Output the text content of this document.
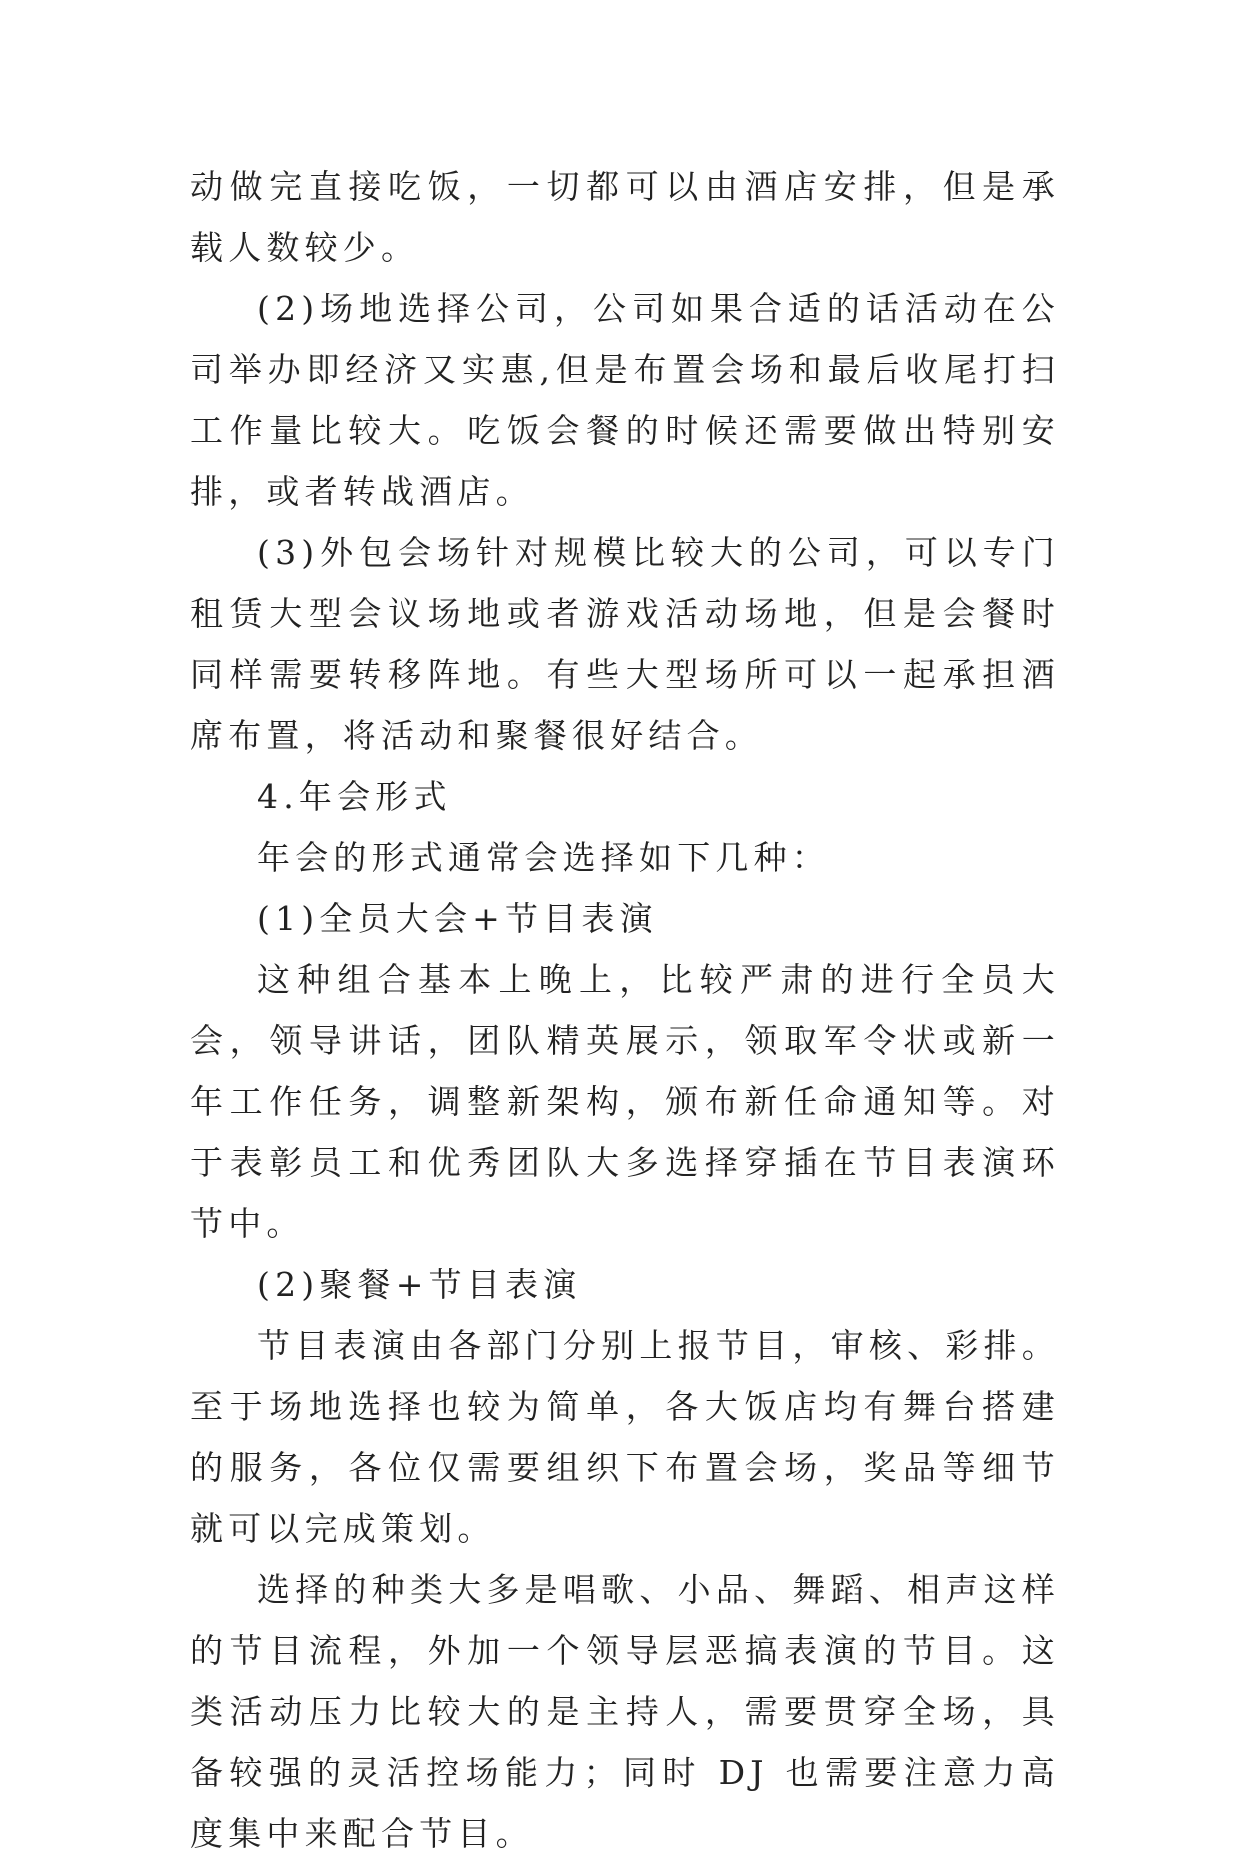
动做完直接吃饭，一切都可以由酒店安排，但是承载人数较少。

(2)场地选择公司，公司如果合适的话活动在公司举办即经济又实惠,但是布置会场和最后收尾打扫工作量比较大。吃饭会餐的时候还需要做出特别安排，或者转战酒店。

(3)外包会场针对规模比较大的公司，可以专门租赁大型会议场地或者游戏活动场地，但是会餐时同样需要转移阵地。有些大型场所可以一起承担酒席布置，将活动和聚餐很好结合。

4.年会形式

年会的形式通常会选择如下几种：

(1)全员大会+节目表演

这种组合基本上晚上，比较严肃的进行全员大会，领导讲话，团队精英展示，领取军令状或新一年工作任务，调整新架构，颁布新任命通知等。对于表彰员工和优秀团队大多选择穿插在节目表演环节中。

(2)聚餐+节目表演

节目表演由各部门分别上报节目，审核、彩排。至于场地选择也较为简单，各大饭店均有舞台搭建的服务，各位仅需要组织下布置会场，奖品等细节就可以完成策划。

选择的种类大多是唱歌、小品、舞蹈、相声这样的节目流程，外加一个领导层恶搞表演的节目。这类活动压力比较大的是主持人，需要贯穿全场，具备较强的灵活控场能力；同时 DJ 也需要注意力高度集中来配合节目。
